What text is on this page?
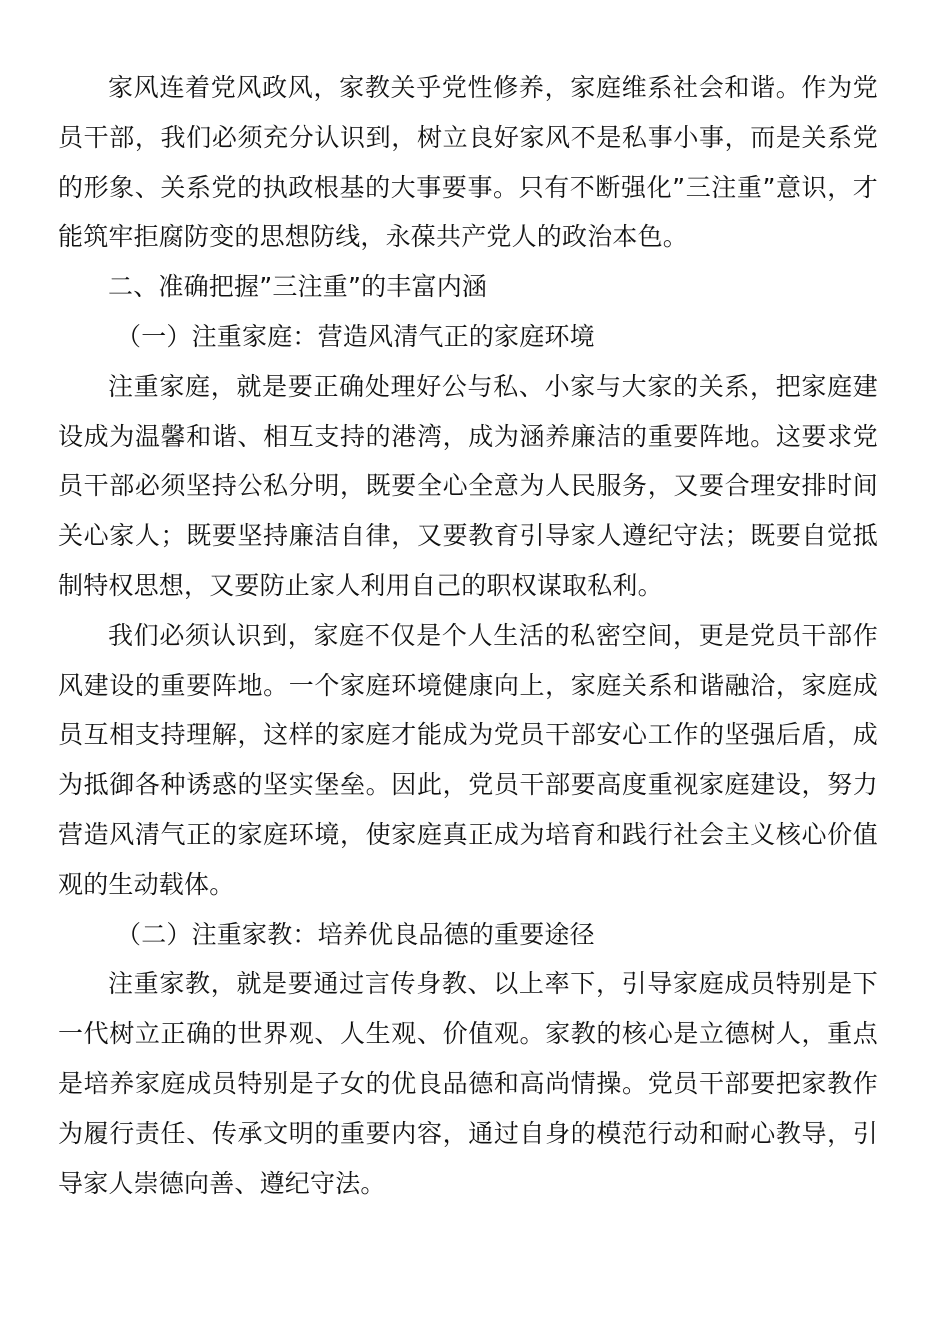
家风连着党风政风，家教关乎党性修养，家庭维系社会和谐。作为党员干部，我们必须充分认识到，树立良好家风不是私事小事，而是关系党的形象、关系党的执政根基的大事要事。只有不断强化”三注重”意识，才能筑牢拒腐防变的思想防线，永葆共产党人的政治本色。

二、准确把握”三注重”的丰富内涵

（一）注重家庭：营造风清气正的家庭环境

注重家庭，就是要正确处理好公与私、小家与大家的关系，把家庭建设成为温馨和谐、相互支持的港湾，成为涵养廉洁的重要阵地。这要求党员干部必须坚持公私分明，既要全心全意为人民服务，又要合理安排时间关心家人；既要坚持廉洁自律，又要教育引导家人遵纪守法；既要自觉抵制特权思想，又要防止家人利用自己的职权谋取私利。

我们必须认识到，家庭不仅是个人生活的私密空间，更是党员干部作风建设的重要阵地。一个家庭环境健康向上，家庭关系和谐融洽，家庭成员互相支持理解，这样的家庭才能成为党员干部安心工作的坚强后盾，成为抵御各种诱惑的坚实堡垒。因此，党员干部要高度重视家庭建设，努力营造风清气正的家庭环境，使家庭真正成为培育和践行社会主义核心价值观的生动载体。

（二）注重家教：培养优良品德的重要途径

注重家教，就是要通过言传身教、以上率下，引导家庭成员特别是下一代树立正确的世界观、人生观、价值观。家教的核心是立德树人，重点是培养家庭成员特别是子女的优良品德和高尚情操。党员干部要把家教作为履行责任、传承文明的重要内容，通过自身的模范行动和耐心教导，引导家人崇德向善、遵纪守法。
